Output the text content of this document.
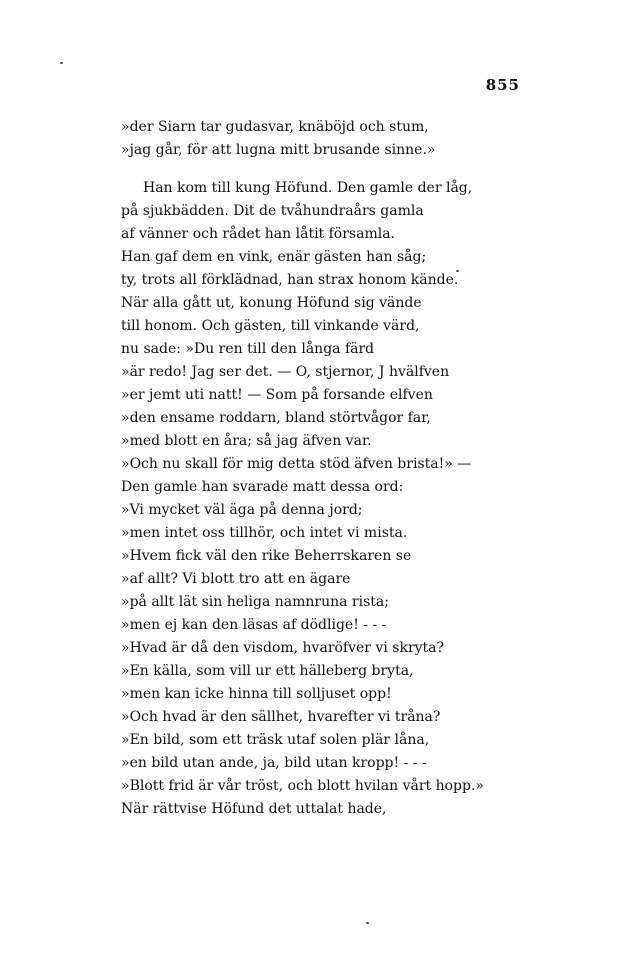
855
»der Siarn tar gudasvar, knäböjd och stum,
»jag går, för att lugna mitt brusande sinne.»
Han kom till kung Höfund. Den gamle der låg,
på sjukbädden. Dit de tvåhundraårs gamla
af vänner och rådet han låtit församla.
Han gaf dem en vink, enär gästen han såg;
ty, trots all förklädnad, han strax honom kände.
När alla gått ut, konung Höfund sig vände
till honom. Och gästen, till vinkande värd,
nu sade: »Du ren till den långa färd
»är redo! Jag ser det. — O, stjernor, J hvälfven
»er jemt uti natt! — Som på forsande elfven
»den ensame roddarn, bland störtvågor far,
»med blott en åra; så jag äfven var.
»Och nu skall för mig detta stöd äfven brista!» —
Den gamle han svarade matt dessa ord:
»Vi mycket väl äga på denna jord;
»men intet oss tillhör, och intet vi mista.
»Hvem fick väl den rike Beherrskaren se
»af allt? Vi blott tro att en ägare
»på allt lät sin heliga namnruna rista;
»men ej kan den läsas af dödlige! - - -
»Hvad är då den visdom, hvaröfver vi skryta?
»En källa, som vill ur ett hälleberg bryta,
»men kan icke hinna till solljuset opp!
»Och hvad är den sällhet, hvarefter vi tråna?
»En bild, som ett träsk utaf solen plär låna,
»en bild utan ande, ja, bild utan kropp! - - -
»Blott frid är vår tröst, och blott hvilan vårt hopp.»
När rättvise Höfund det uttalat hade,
